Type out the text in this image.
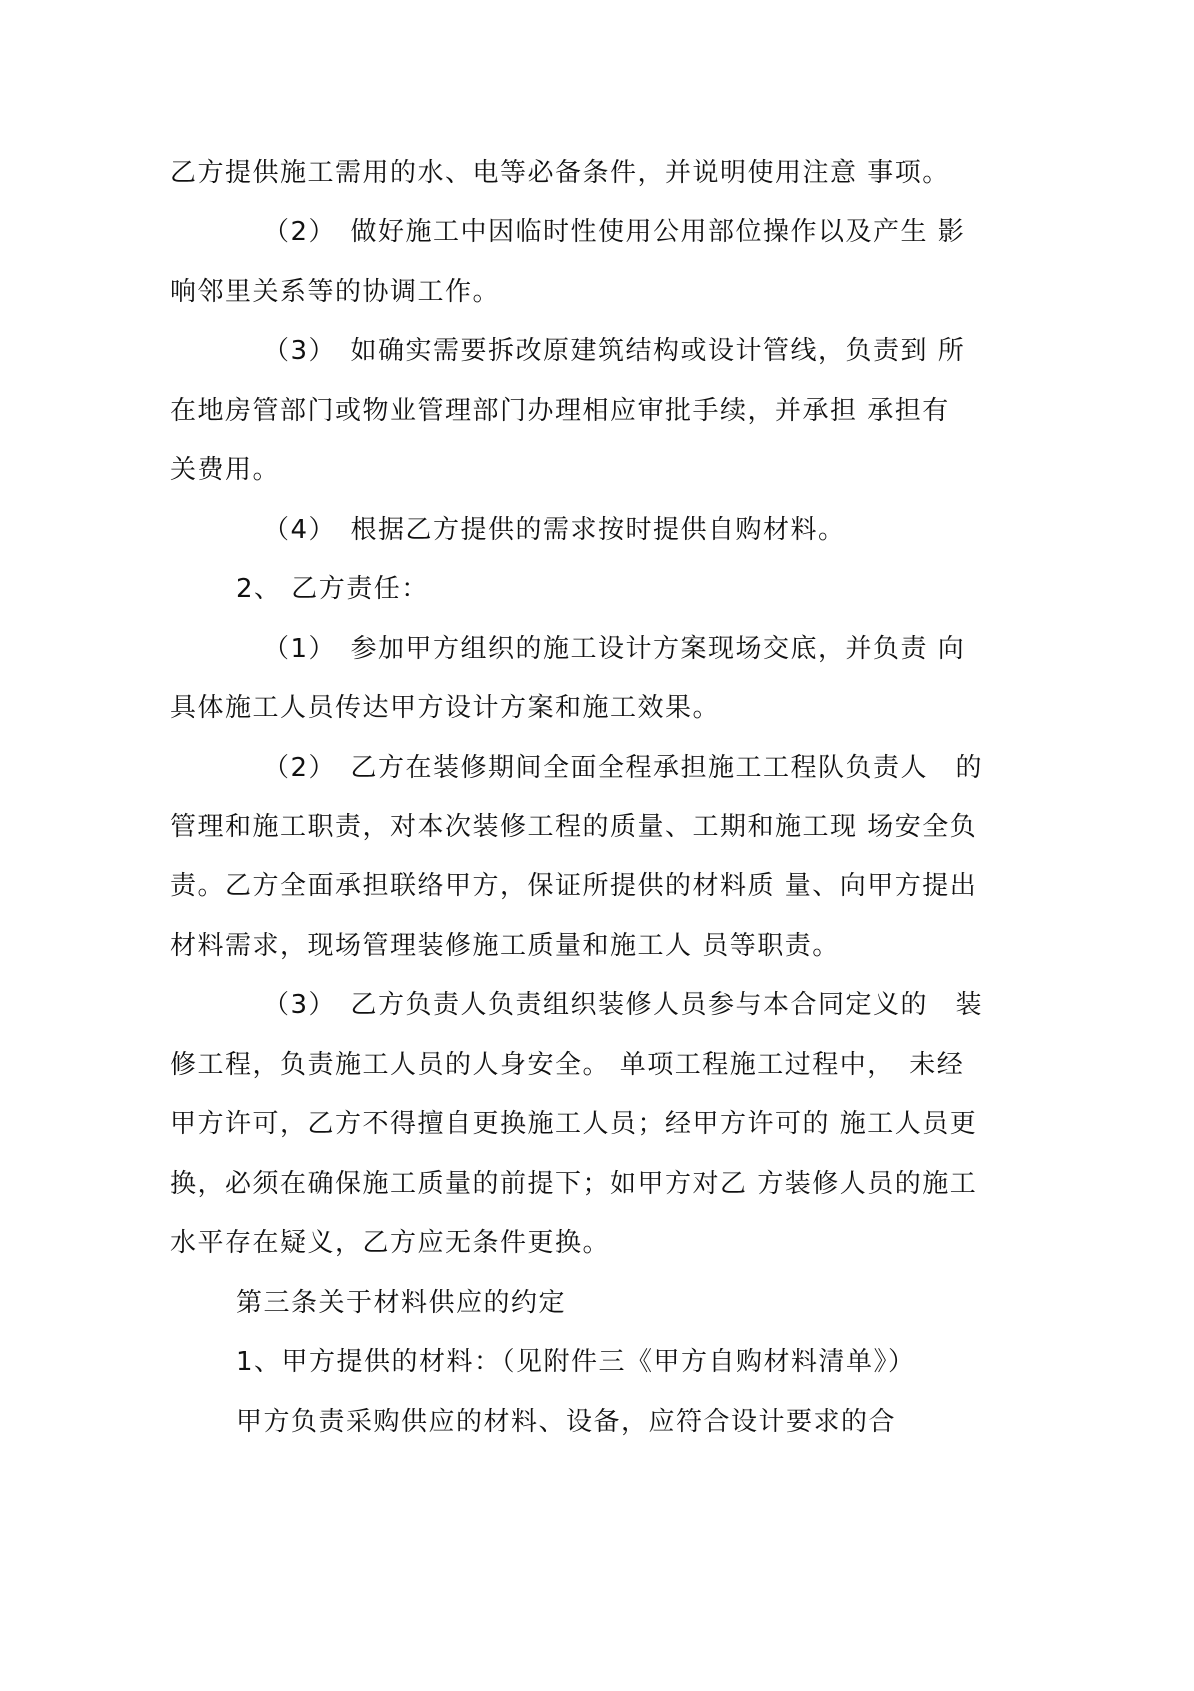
乙方提供施工需用的水、电等必备条件，并说明使用注意 事项。
（2）　做好施工中因临时性使用公用部位操作以及产生 影
响邻里关系等的协调工作。
（3）　如确实需要拆改原建筑结构或设计管线，负责到 所
在地房管部门或物业管理部门办理相应审批手续，并承担 承担有
关费用。
（4）　根据乙方提供的需求按时提供自购材料。
2、 乙方责任：
（1）　参加甲方组织的施工设计方案现场交底，并负责 向
具体施工人员传达甲方设计方案和施工效果。
（2）　乙方在装修期间全面全程承担施工工程队负责人　的
管理和施工职责，对本次装修工程的质量、工期和施工现 场安全负
责。乙方全面承担联络甲方，保证所提供的材料质 量、向甲方提出
材料需求，现场管理装修施工质量和施工人 员等职责。
（3）　乙方负责人负责组织装修人员参与本合同定义的　装
修工程，负责施工人员的人身安全。 单项工程施工过程中，　未经
甲方许可，乙方不得擅自更换施工人员；经甲方许可的 施工人员更
换，必须在确保施工质量的前提下；如甲方对乙 方装修人员的施工
水平存在疑义，乙方应无条件更换。
第三条关于材料供应的约定
1、甲方提供的材料：（见附件三《甲方自购材料清单》）
甲方负责采购供应的材料、设备，应符合设计要求的合
